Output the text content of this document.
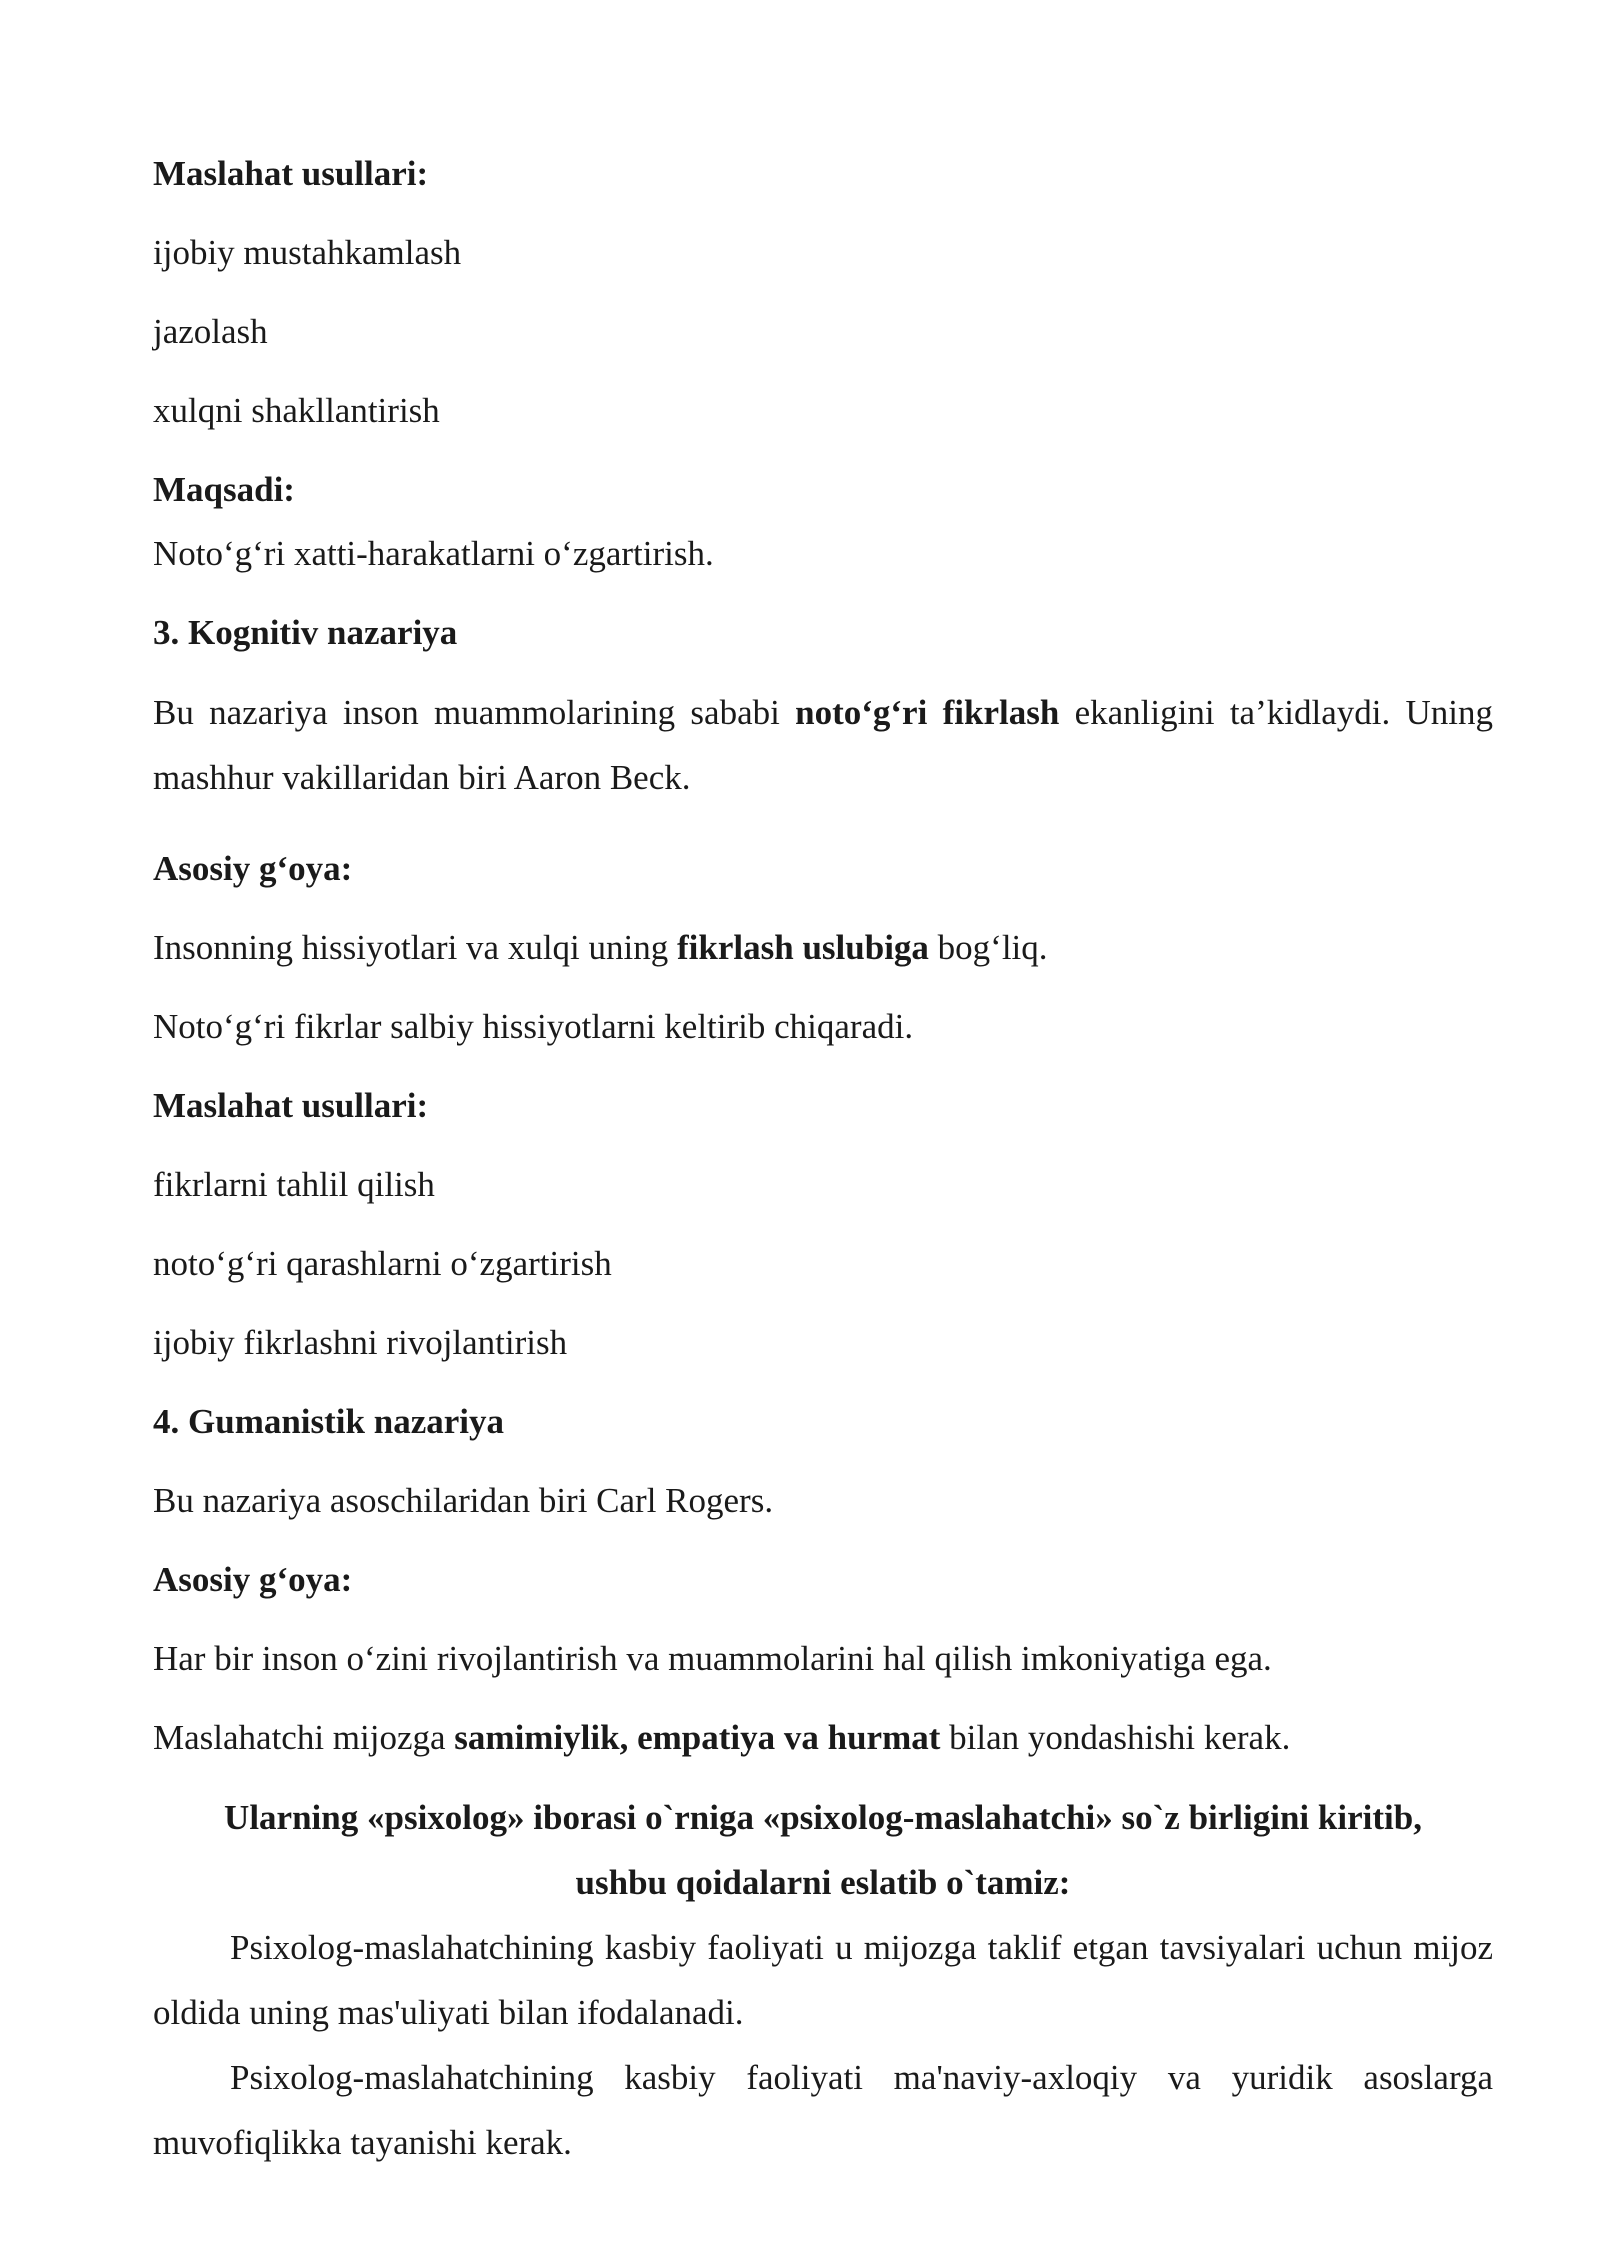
Maslahat usullari:

ijobiy mustahkamlash

jazolash

xulqni shakllantirish

Maqsadi:

Noto‘g‘ri xatti-harakatlarni o‘zgartirish.

3. Kognitiv nazariya

Bu nazariya inson muammolarining sababi noto‘g‘ri fikrlash ekanligini ta’kidlaydi. Uning mashhur vakillaridan biri Aaron Beck.

Asosiy g‘oya:

Insonning hissiyotlari va xulqi uning fikrlash uslubiga bog‘liq.

Noto‘g‘ri fikrlar salbiy hissiyotlarni keltirib chiqaradi.

Maslahat usullari:

fikrlarni tahlil qilish

noto‘g‘ri qarashlarni o‘zgartirish

ijobiy fikrlashni rivojlantirish

4. Gumanistik nazariya

Bu nazariya asoschilaridan biri Carl Rogers.

Asosiy g‘oya:

Har bir inson o‘zini rivojlantirish va muammolarini hal qilish imkoniyatiga ega.

Maslahatchi mijozga samimiylik, empatiya va hurmat bilan yondashishi kerak.

Ularning «psixolog» iborasi o`rniga «psixolog-maslahatchi» so`z birligini kiritib,

ushbu qoidalarni eslatib o`tamiz:

Psixolog-maslahatchining kasbiy faoliyati u mijozga taklif etgan tavsiyalari uchun mijoz oldida uning mas'uliyati bilan ifodalanadi.

Psixolog-maslahatchining kasbiy faoliyati ma'naviy-axloqiy va yuridik asoslarga muvofiqlikka tayanishi kerak.
